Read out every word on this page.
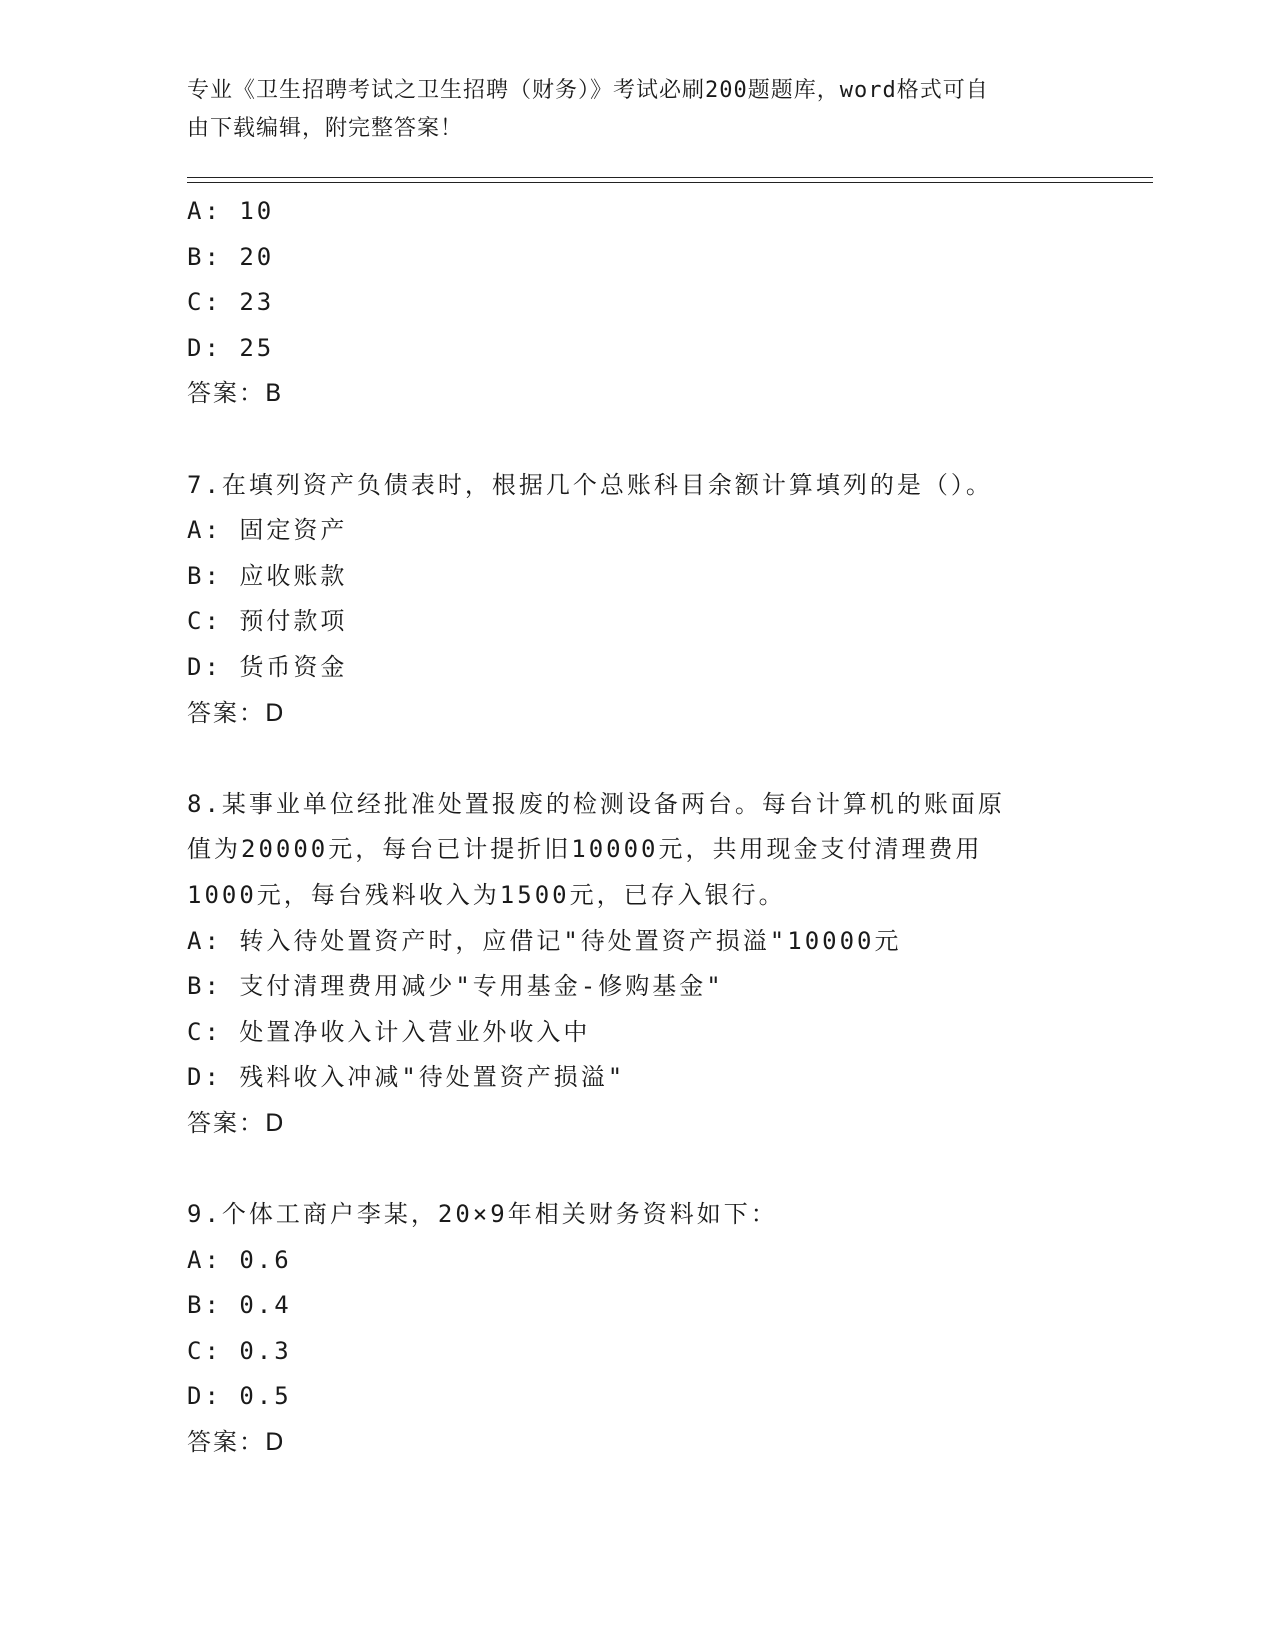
专业《卫生招聘考试之卫生招聘（财务）》考试必刷200题题库，word格式可自
由下载编辑，附完整答案！
A: 10
B: 20
C: 23
D: 25
答案：B
7.在填列资产负债表时，根据几个总账科目余额计算填列的是（）。
A: 固定资产
B: 应收账款
C: 预付款项
D: 货币资金
答案：D
8.某事业单位经批准处置报废的检测设备两台。每台计算机的账面原
值为20000元，每台已计提折旧10000元，共用现金支付清理费用
1000元，每台残料收入为1500元，已存入银行。
A: 转入待处置资产时，应借记"待处置资产损溢"10000元
B: 支付清理费用减少"专用基金-修购基金"
C: 处置净收入计入营业外收入中
D: 残料收入冲减"待处置资产损溢"
答案：D
9.个体工商户李某，20×9年相关财务资料如下：
A: 0.6
B: 0.4
C: 0.3
D: 0.5
答案：D
